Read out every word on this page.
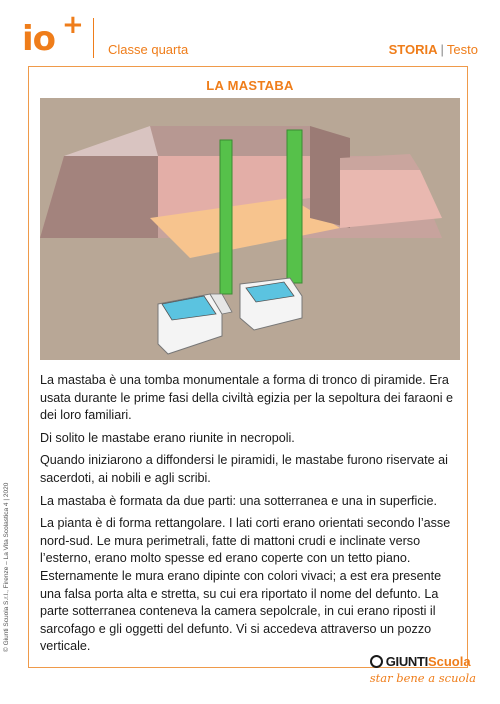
io +
Classe quarta	STORIA | Testo
LA MASTABA

La mastaba è una tomba monumentale a forma di tronco di piramide. Era usata durante le prime fasi della civiltà egizia per la sepoltura dei faraoni e dei loro familiari.

Di solito le mastabe erano riunite in necropoli.

Quando iniziarono a diffondersi le piramidi, le mastabe furono riservate ai sacerdoti, ai nobili e agli scribi.

La mastaba è formata da due parti: una sotterranea e una in superficie.

La pianta è di forma rettangolare. I lati corti erano orientati secondo l’asse nord-sud. Le mura perimetrali, fatte di mattoni crudi e inclinate verso l’esterno, erano molto spesse ed erano coperte con un tetto piano. Esternamente le mura erano dipinte con colori vivaci; a est era presente una falsa porta alta e stretta, su cui era riportato il nome del defunto. La parte sotterranea conteneva la camera sepolcrale, in cui erano riposti il sarcofago e gli oggetti del defunto. Vi si accedeva attraverso un pozzo verticale.

© Giunti Scuola S.r.l., Firenze – La Vita Scolastica 4 | 2020
GIUNTI Scuola
star bene a scuola
